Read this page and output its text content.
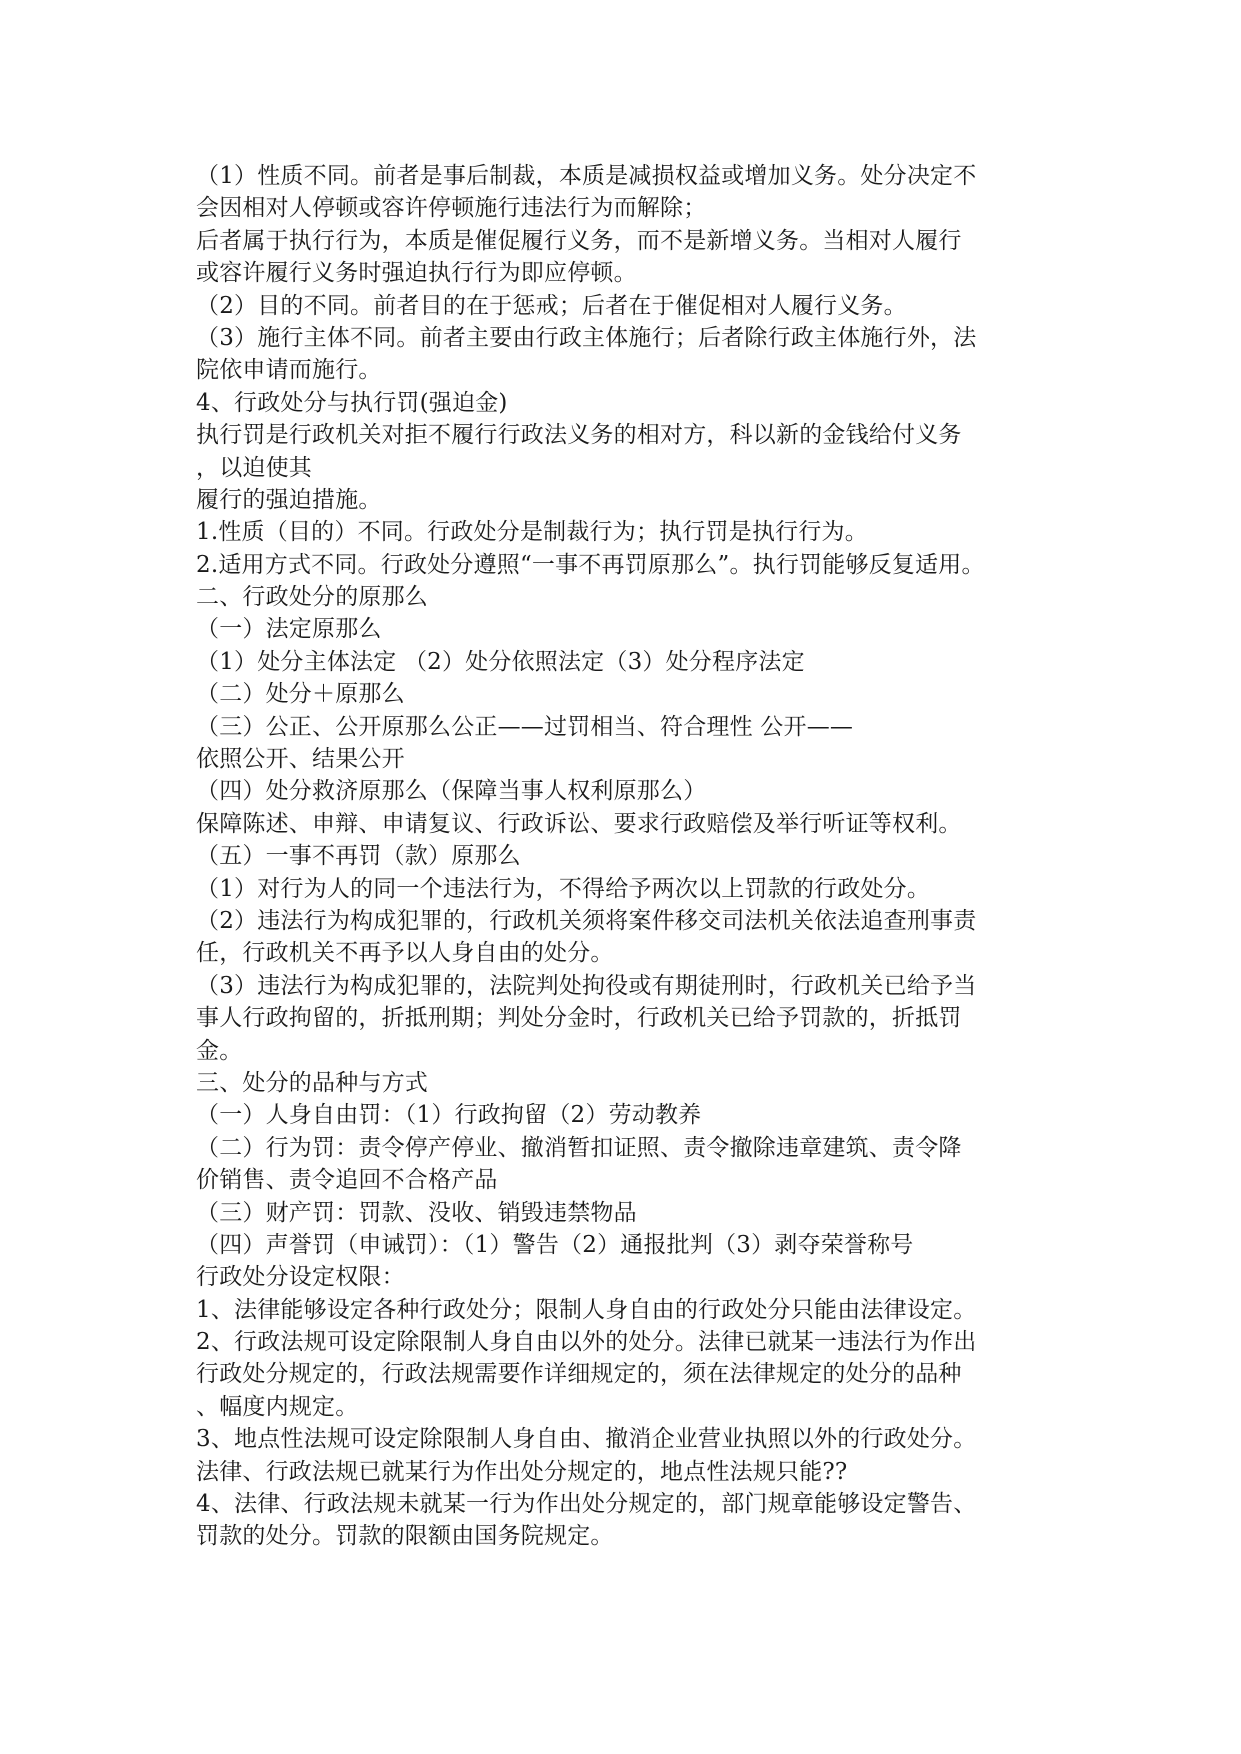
（1）性质不同。前者是事后制裁，本质是减损权益或增加义务。处分决定不
会因相对人停顿或容许停顿施行违法行为而解除；
后者属于执行行为，本质是催促履行义务，而不是新增义务。当相对人履行
或容许履行义务时强迫执行行为即应停顿。
（2）目的不同。前者目的在于惩戒；后者在于催促相对人履行义务。
（3）施行主体不同。前者主要由行政主体施行；后者除行政主体施行外，法
院依申请而施行。
4、行政处分与执行罚(强迫金)
执行罚是行政机关对拒不履行行政法义务的相对方，科以新的金钱给付义务
，以迫使其
履行的强迫措施。
1.性质（目的）不同。行政处分是制裁行为；执行罚是执行行为。
2.适用方式不同。行政处分遵照“一事不再罚原那么”。执行罚能够反复适用。
二、行政处分的原那么
（一）法定原那么
（1）处分主体法定 （2）处分依照法定（3）处分程序法定
（二）处分＋原那么
（三）公正、公开原那么公正——过罚相当、符合理性 公开——
依照公开、结果公开
（四）处分救济原那么（保障当事人权利原那么）
保障陈述、申辩、申请复议、行政诉讼、要求行政赔偿及举行听证等权利。
（五）一事不再罚（款）原那么
（1）对行为人的同一个违法行为，不得给予两次以上罚款的行政处分。
（2）违法行为构成犯罪的，行政机关须将案件移交司法机关依法追查刑事责
任，行政机关不再予以人身自由的处分。
（3）违法行为构成犯罪的，法院判处拘役或有期徒刑时，行政机关已给予当
事人行政拘留的，折抵刑期；判处分金时，行政机关已给予罚款的，折抵罚
金。
三、处分的品种与方式
（一）人身自由罚：（1）行政拘留（2）劳动教养
（二）行为罚：责令停产停业、撤消暂扣证照、责令撤除违章建筑、责令降
价销售、责令追回不合格产品
（三）财产罚：罚款、没收、销毁违禁物品
（四）声誉罚（申诫罚）：（1）警告（2）通报批判（3）剥夺荣誉称号
行政处分设定权限：
1、法律能够设定各种行政处分；限制人身自由的行政处分只能由法律设定。
2、行政法规可设定除限制人身自由以外的处分。法律已就某一违法行为作出
行政处分规定的，行政法规需要作详细规定的，须在法律规定的处分的品种
、幅度内规定。
3、地点性法规可设定除限制人身自由、撤消企业营业执照以外的行政处分。
法律、行政法规已就某行为作出处分规定的，地点性法规只能??
4、法律、行政法规未就某一行为作出处分规定的，部门规章能够设定警告、
罚款的处分。罚款的限额由国务院规定。
